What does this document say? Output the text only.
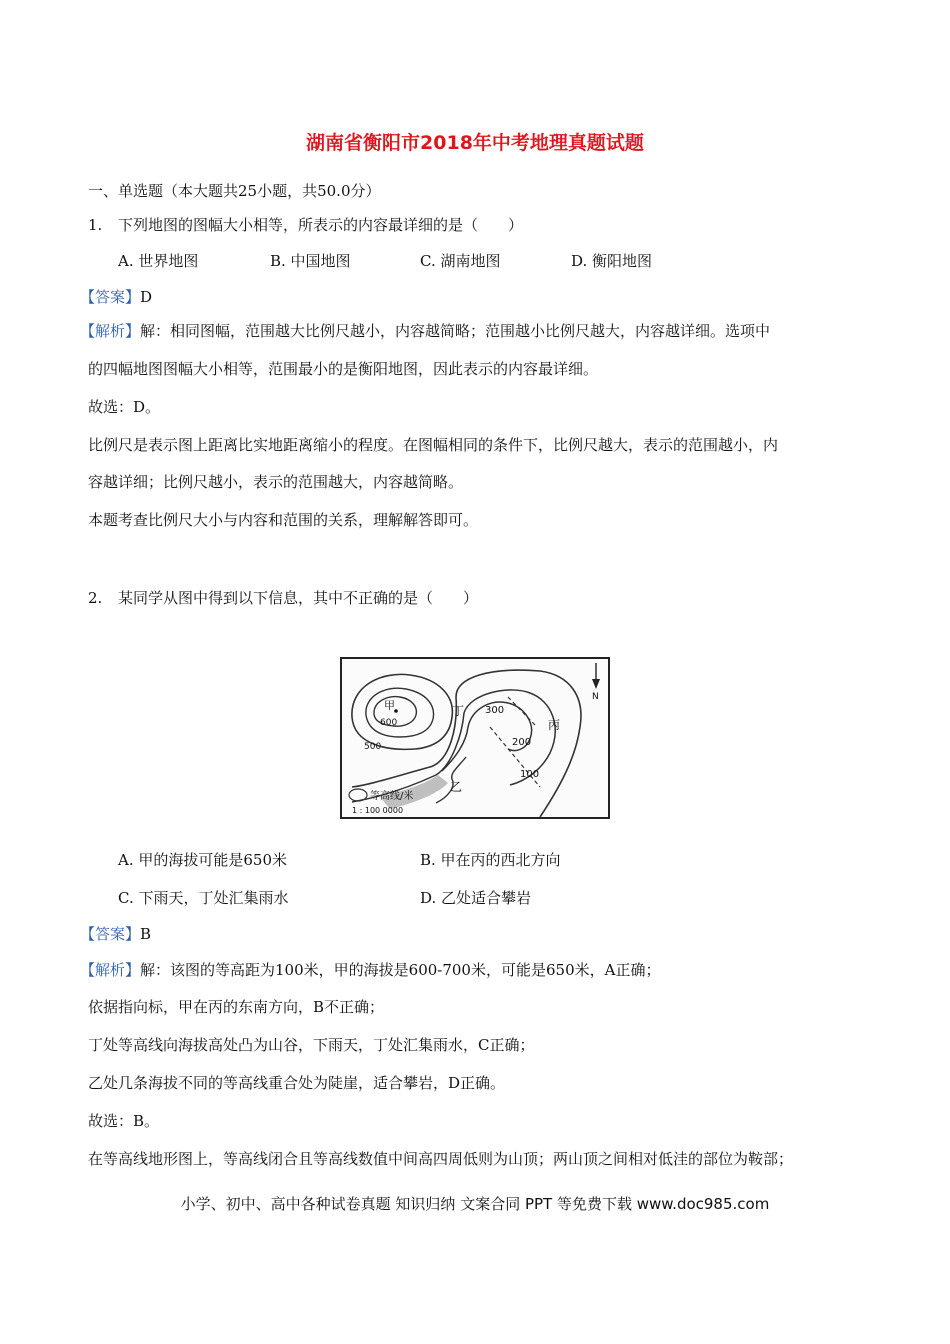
湖南省衡阳市2018年中考地理真题试题
一、单选题（本大题共25小题，共50.0分）
1. 下列地图的图幅大小相等，所表示的内容最详细的是（　　）
A. 世界地图	B. 中国地图	C. 湖南地图	D. 衡阳地图
【答案】D
【解析】解：相同图幅，范围越大比例尺越小，内容越简略；范围越小比例尺越大，内容越详细。选项中
的四幅地图图幅大小相等，范围最小的是衡阳地图，因此表示的内容最详细。
故选：D。
比例尺是表示图上距离比实地距离缩小的程度。在图幅相同的条件下，比例尺越大，表示的范围越小，内
容越详细；比例尺越小，表示的范围越大，内容越简略。
本题考查比例尺大小与内容和范围的关系，理解解答即可。
2. 某同学从图中得到以下信息，其中不正确的是（　　）
甲
乙
丙
丁
600
500
300
200
100
等高线/米
1 : 100 0000
N
A. 甲的海拔可能是650米	B. 甲在丙的西北方向
C. 下雨天，丁处汇集雨水	D. 乙处适合攀岩
【答案】B
【解析】解：该图的等高距为100米，甲的海拔是600-700米，可能是650米，A正确；
依据指向标，甲在丙的东南方向，B不正确；
丁处等高线向海拔高处凸为山谷，下雨天，丁处汇集雨水，C正确；
乙处几条海拔不同的等高线重合处为陡崖，适合攀岩，D正确。
故选：B。
在等高线地形图上，等高线闭合且等高线数值中间高四周低则为山顶；两山顶之间相对低洼的部位为鞍部；
小学、初中、高中各种试卷真题 知识归纳 文案合同 PPT 等免费下载 www.doc985.com
